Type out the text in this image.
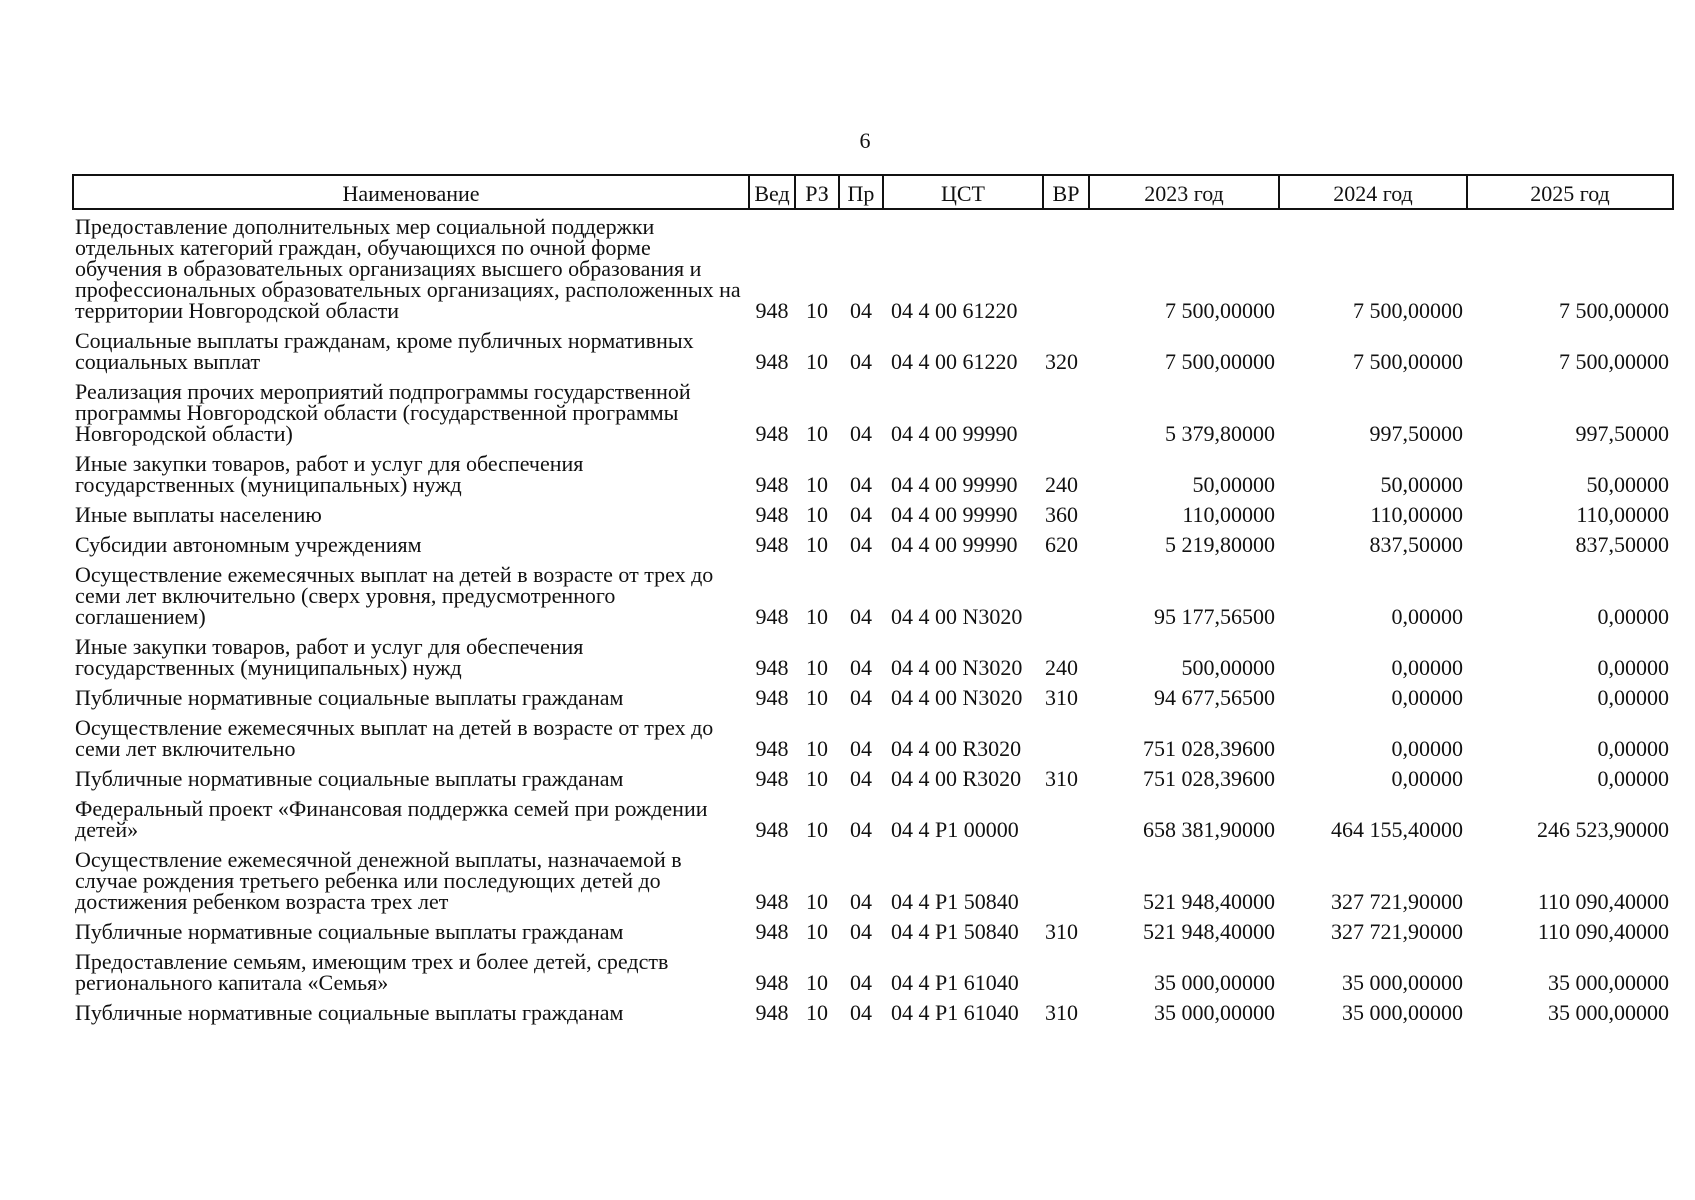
6
Наименование	Вед	РЗ	Пр	ЦСТ	ВР	2023 год	2024 год	2025 год
Предоставление дополнительных мер социальной поддержки отдельных категорий граждан, обучающихся по очной форме обучения в образовательных организациях высшего образования и профессиональных образовательных организациях, расположенных на территории Новгородской области	948	10	04	04 4 00 61220		7 500,00000	7 500,00000	7 500,00000
Социальные выплаты гражданам, кроме публичных нормативных социальных выплат	948	10	04	04 4 00 61220	320	7 500,00000	7 500,00000	7 500,00000
Реализация прочих мероприятий подпрограммы государственной программы Новгородской области (государственной программы Новгородской области)	948	10	04	04 4 00 99990		5 379,80000	997,50000	997,50000
Иные закупки товаров, работ и услуг для обеспечения государственных (муниципальных) нужд	948	10	04	04 4 00 99990	240	50,00000	50,00000	50,00000
Иные выплаты населению	948	10	04	04 4 00 99990	360	110,00000	110,00000	110,00000
Субсидии автономным учреждениям	948	10	04	04 4 00 99990	620	5 219,80000	837,50000	837,50000
Осуществление ежемесячных выплат на детей в возрасте от трех до семи лет включительно (сверх уровня, предусмотренного соглашением)	948	10	04	04 4 00 N3020		95 177,56500	0,00000	0,00000
Иные закупки товаров, работ и услуг для обеспечения государственных (муниципальных) нужд	948	10	04	04 4 00 N3020	240	500,00000	0,00000	0,00000
Публичные нормативные социальные выплаты гражданам	948	10	04	04 4 00 N3020	310	94 677,56500	0,00000	0,00000
Осуществление ежемесячных выплат на детей в возрасте от трех до семи лет включительно	948	10	04	04 4 00 R3020		751 028,39600	0,00000	0,00000
Публичные нормативные социальные выплаты гражданам	948	10	04	04 4 00 R3020	310	751 028,39600	0,00000	0,00000
Федеральный проект «Финансовая поддержка семей при рождении детей»	948	10	04	04 4 P1 00000		658 381,90000	464 155,40000	246 523,90000
Осуществление ежемесячной денежной выплаты, назначаемой в случае рождения третьего ребенка или последующих детей до достижения ребенком возраста трех лет	948	10	04	04 4 P1 50840		521 948,40000	327 721,90000	110 090,40000
Публичные нормативные социальные выплаты гражданам	948	10	04	04 4 P1 50840	310	521 948,40000	327 721,90000	110 090,40000
Предоставление семьям, имеющим трех и более детей, средств регионального капитала «Семья»	948	10	04	04 4 P1 61040		35 000,00000	35 000,00000	35 000,00000
Публичные нормативные социальные выплаты гражданам	948	10	04	04 4 P1 61040	310	35 000,00000	35 000,00000	35 000,00000
